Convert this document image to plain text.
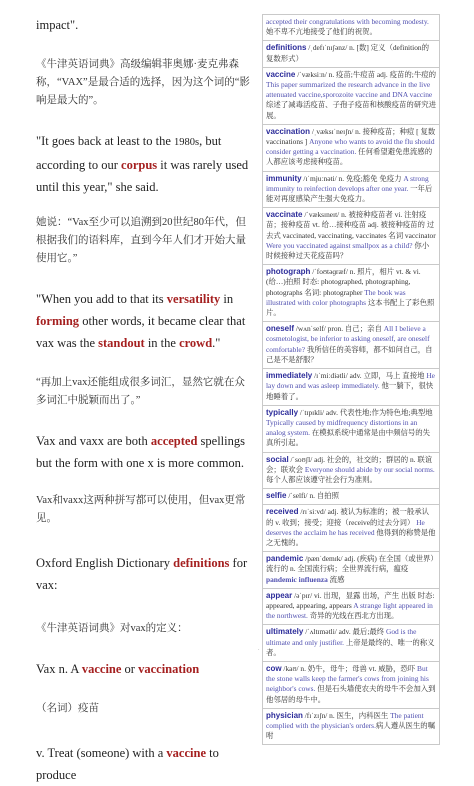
impact".

《牛津英语词典》高级编辑菲奥娜·麦克弗森称，“VAX”是最合适的选择，因为这个词的“影响是最大的”。

"It goes back at least to the 1980s, but according to our corpus it was rarely used until this year," she said.

她说：“Vax至少可以追溯到20世纪80年代，但根据我们的语料库，直到今年人们才开始大量使用它。”

"When you add to that its versatility in forming other words, it became clear that vax was the standout in the crowd."

“再加上vax还能组成很多词汇，显然它就在众多词汇中脱颖而出了。”

Vax and vaxx are both accepted spellings but the form with one x is more common.

Vax和vaxx这两种拼写都可以使用，但vax更常见。

Oxford English Dictionary definitions for vax:

《牛津英语词典》对vax的定义：

Vax n. A vaccine or vaccination

（名词）疫苗

v. Treat (someone) with a vaccine to produce

accepted their congratulations with becoming modesty. 她不卑不亢地接受了他们的祝贺。
definitions /ˌdefɪˈnɪʃənz/ n. [数] 定义（definition的复数形式）
vaccine /ˈvæksiːn/ n. 疫苗;牛痘苗 adj. 疫苗的;牛痘的 This paper summarized the research advance in the live attenuated vaccine,sporozoite vaccine and DNA vaccine 综述了减毒活疫苗、子孢子疫苗和核酸疫苗的研究进展。
vaccination /ˌvæksɪˈneɪʃn/ n. 接种疫苗；种痘 [ 复数 vaccinations ] Anyone who wants to avoid the flu should consider getting a vaccination. 任何希望避免患流感的人都应该考虑接种疫苗。
immunity /ɪˈmjuːnəti/ n. 免疫;豁免 免疫力 A strong immunity to reinfection develops after one year. 一年后能对再度感染产生强大免疫力。
vaccinate /ˈvæksɪneɪt/ n. 被接种疫苗者 vi. 注射疫苗；接种疫苗 vt. 给…接种疫苗 adj. 被接种疫苗的 过去式 vaccinated, vaccinating, vaccinates 名词 vaccinator Were you vaccinated against smallpox as a child? 你小时候接种过天花疫苗吗？
photograph /ˈfoʊtəɡræf/ n. 照片，相片 vt. & vi. (给…)拍照 时态: photographed, photographing, photographs 名词: photographer The book was illustrated with color photographs 这本书配上了彩色照片。
oneself /wʌnˈself/ pron. 自己；亲自 All I believe a cosmetologist, be inferior to asking oneself, are oneself comfortable? 我所信任的美容师，都不如问自己，自己是不是舒服？
immediately /ɪˈmiːdiətli/ adv. 立即，马上 直接地 He lay down and was asleep immediately. 他一躺下，很快地睡着了。
typically /ˈtɪpɪkli/ adv. 代表性地;作为特色地;典型地 Typically caused by midfrequency distortions in an analog system. 在模拟系统中通常是由中频信号的失真所引起。
social /ˈsoʊʃl/ adj. 社会的，社交的；群居的 n. 联谊会；联欢会 Everyone should abide by our social norms. 每个人都应该遵守社会行为准则。
selfie /ˈselfi/ n. 自拍照
received /rɪˈsiːvd/ adj. 被认为标准的；被一般承认的 v. 收到；接受；迎接（receive的过去分词） He deserves the acclaim he has received 他得到的称赞是他之无愧的。
pandemic /pænˈdemɪk/ adj. (疾病) 在全国（或世界）流行的 n. 全国流行病；全世界流行病，瘟疫 pandemic influenza 流感
appear /əˈpɪr/ vi. 出现，显露 出场，产生 出版 时态: appeared, appearing, appears A strange light appeared in the northwest. 奇异的光线在西北方出现。
ultimately /ˈʌltɪmətli/ adv. 最后;最终 God is the ultimate and only justifier. 上帝是最终的、唯一的称义者。
cow /kaʊ/ n. 奶牛，母牛；母兽 vt. 威胁，恐吓 But the stone walls keep the farmer's cows from joining his neighbor's cows. 但是石头墙使农夫的母牛不会加入到他邻居的母牛中。
physician /fɪˈzɪʃn/ n. 医生，内科医生 The patient complied with the physician's orders.病人遵从医生的嘱咐
.
